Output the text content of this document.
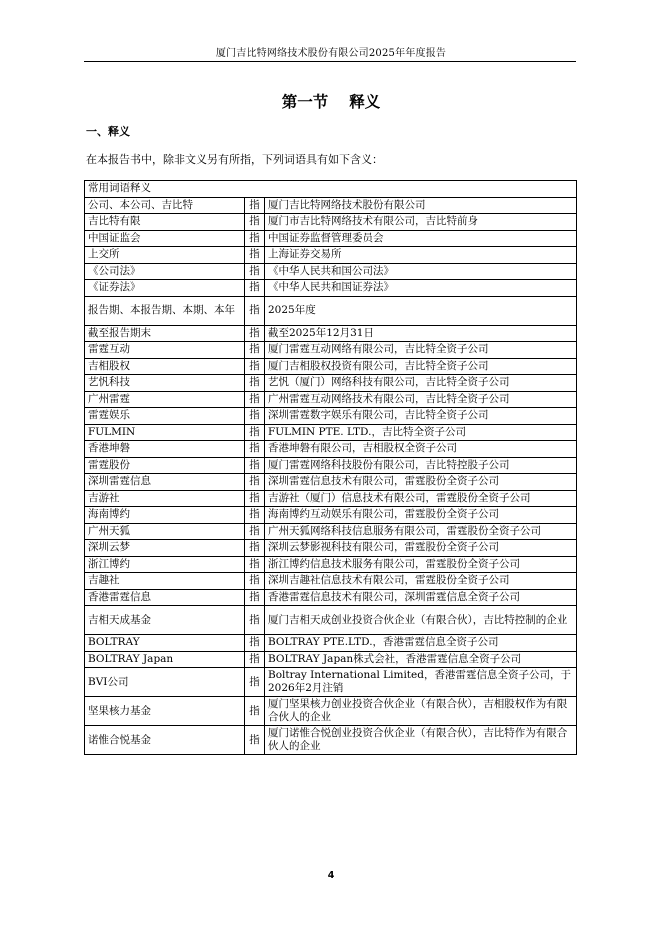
厦门吉比特网络技术股份有限公司2025年年度报告
第一节　 释义
一、释义
在本报告书中，除非文义另有所指，下列词语具有如下含义：
常用词语释义		
公司、本公司、吉比特	指	厦门吉比特网络技术股份有限公司
吉比特有限	指	厦门市吉比特网络技术有限公司，吉比特前身
中国证监会	指	中国证券监督管理委员会
上交所	指	上海证券交易所
《公司法》	指	《中华人民共和国公司法》
《证券法》	指	《中华人民共和国证券法》
报告期、本报告期、本期、本年	指	2025年度
截至报告期末	指	截至2025年12月31日
雷霆互动	指	厦门雷霆互动网络有限公司，吉比特全资子公司
吉相股权	指	厦门吉相股权投资有限公司，吉比特全资子公司
艺忛科技	指	艺忛（厦门）网络科技有限公司，吉比特全资子公司
广州雷霆	指	广州雷霆互动网络技术有限公司，吉比特全资子公司
雷霆娱乐	指	深圳雷霆数字娱乐有限公司，吉比特全资子公司
FULMIN	指	FULMIN PTE. LTD.，吉比特全资子公司
香港坤磐	指	香港坤磐有限公司，吉相股权全资子公司
雷霆股份	指	厦门雷霆网络科技股份有限公司，吉比特控股子公司
深圳雷霆信息	指	深圳雷霆信息技术有限公司，雷霆股份全资子公司
吉游社	指	吉游社（厦门）信息技术有限公司，雷霆股份全资子公司
海南博约	指	海南博约互动娱乐有限公司，雷霆股份全资子公司
广州天狐	指	广州天狐网络科技信息服务有限公司，雷霆股份全资子公司
深圳云梦	指	深圳云梦影视科技有限公司，雷霆股份全资子公司
浙江博约	指	浙江博约信息技术服务有限公司，雷霆股份全资子公司
吉趣社	指	深圳吉趣社信息技术有限公司，雷霆股份全资子公司
香港雷霆信息	指	香港雷霆信息技术有限公司，深圳雷霆信息全资子公司
吉相天成基金	指	厦门吉相天成创业投资合伙企业（有限合伙），吉比特控制的企业
BOLTRAY	指	BOLTRAY PTE.LTD.，香港雷霆信息全资子公司
BOLTRAY Japan	指	BOLTRAY Japan株式会社，香港雷霆信息全资子公司
BVI公司	指	Boltray International Limited，香港雷霆信息全资子公司，于2026年2月注销
坚果核力基金	指	厦门坚果核力创业投资合伙企业（有限合伙），吉相股权作为有限合伙人的企业
诺惟合悦基金	指	厦门诺惟合悦创业投资合伙企业（有限合伙），吉比特作为有限合伙人的企业
4
